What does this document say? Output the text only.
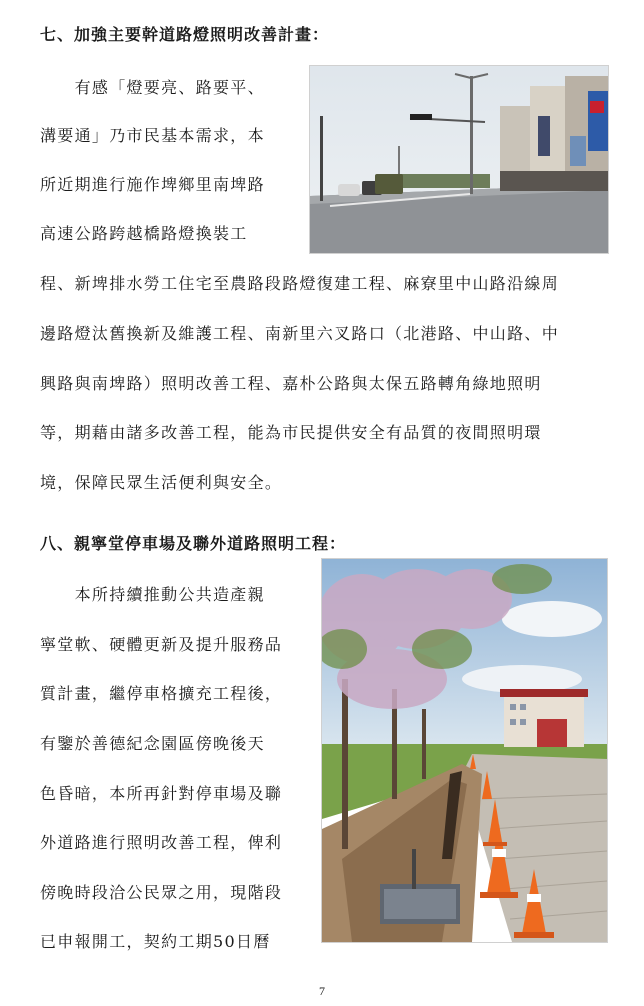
七、加強主要幹道路燈照明改善計畫：
　　有感「燈要亮、路要平、
溝要通」乃市民基本需求，本
所近期進行施作埤鄉里南埤路
高速公路跨越橋路燈換裝工
程、新埤排水勞工住宅至農路段路燈復建工程、麻寮里中山路沿線周
邊路燈汰舊換新及維護工程、南新里六叉路口（北港路、中山路、中
興路與南埤路）照明改善工程、嘉朴公路與太保五路轉角綠地照明
等，期藉由諸多改善工程，能為市民提供安全有品質的夜間照明環
境，保障民眾生活便利與安全。
八、親寧堂停車場及聯外道路照明工程：
　　本所持續推動公共造產親
寧堂軟、硬體更新及提升服務品
質計畫，繼停車格擴充工程後，
有鑒於善德紀念園區傍晚後天
色昏暗，本所再針對停車場及聯
外道路進行照明改善工程，俾利
傍晚時段洽公民眾之用，現階段
已申報開工，契約工期50日曆
7
